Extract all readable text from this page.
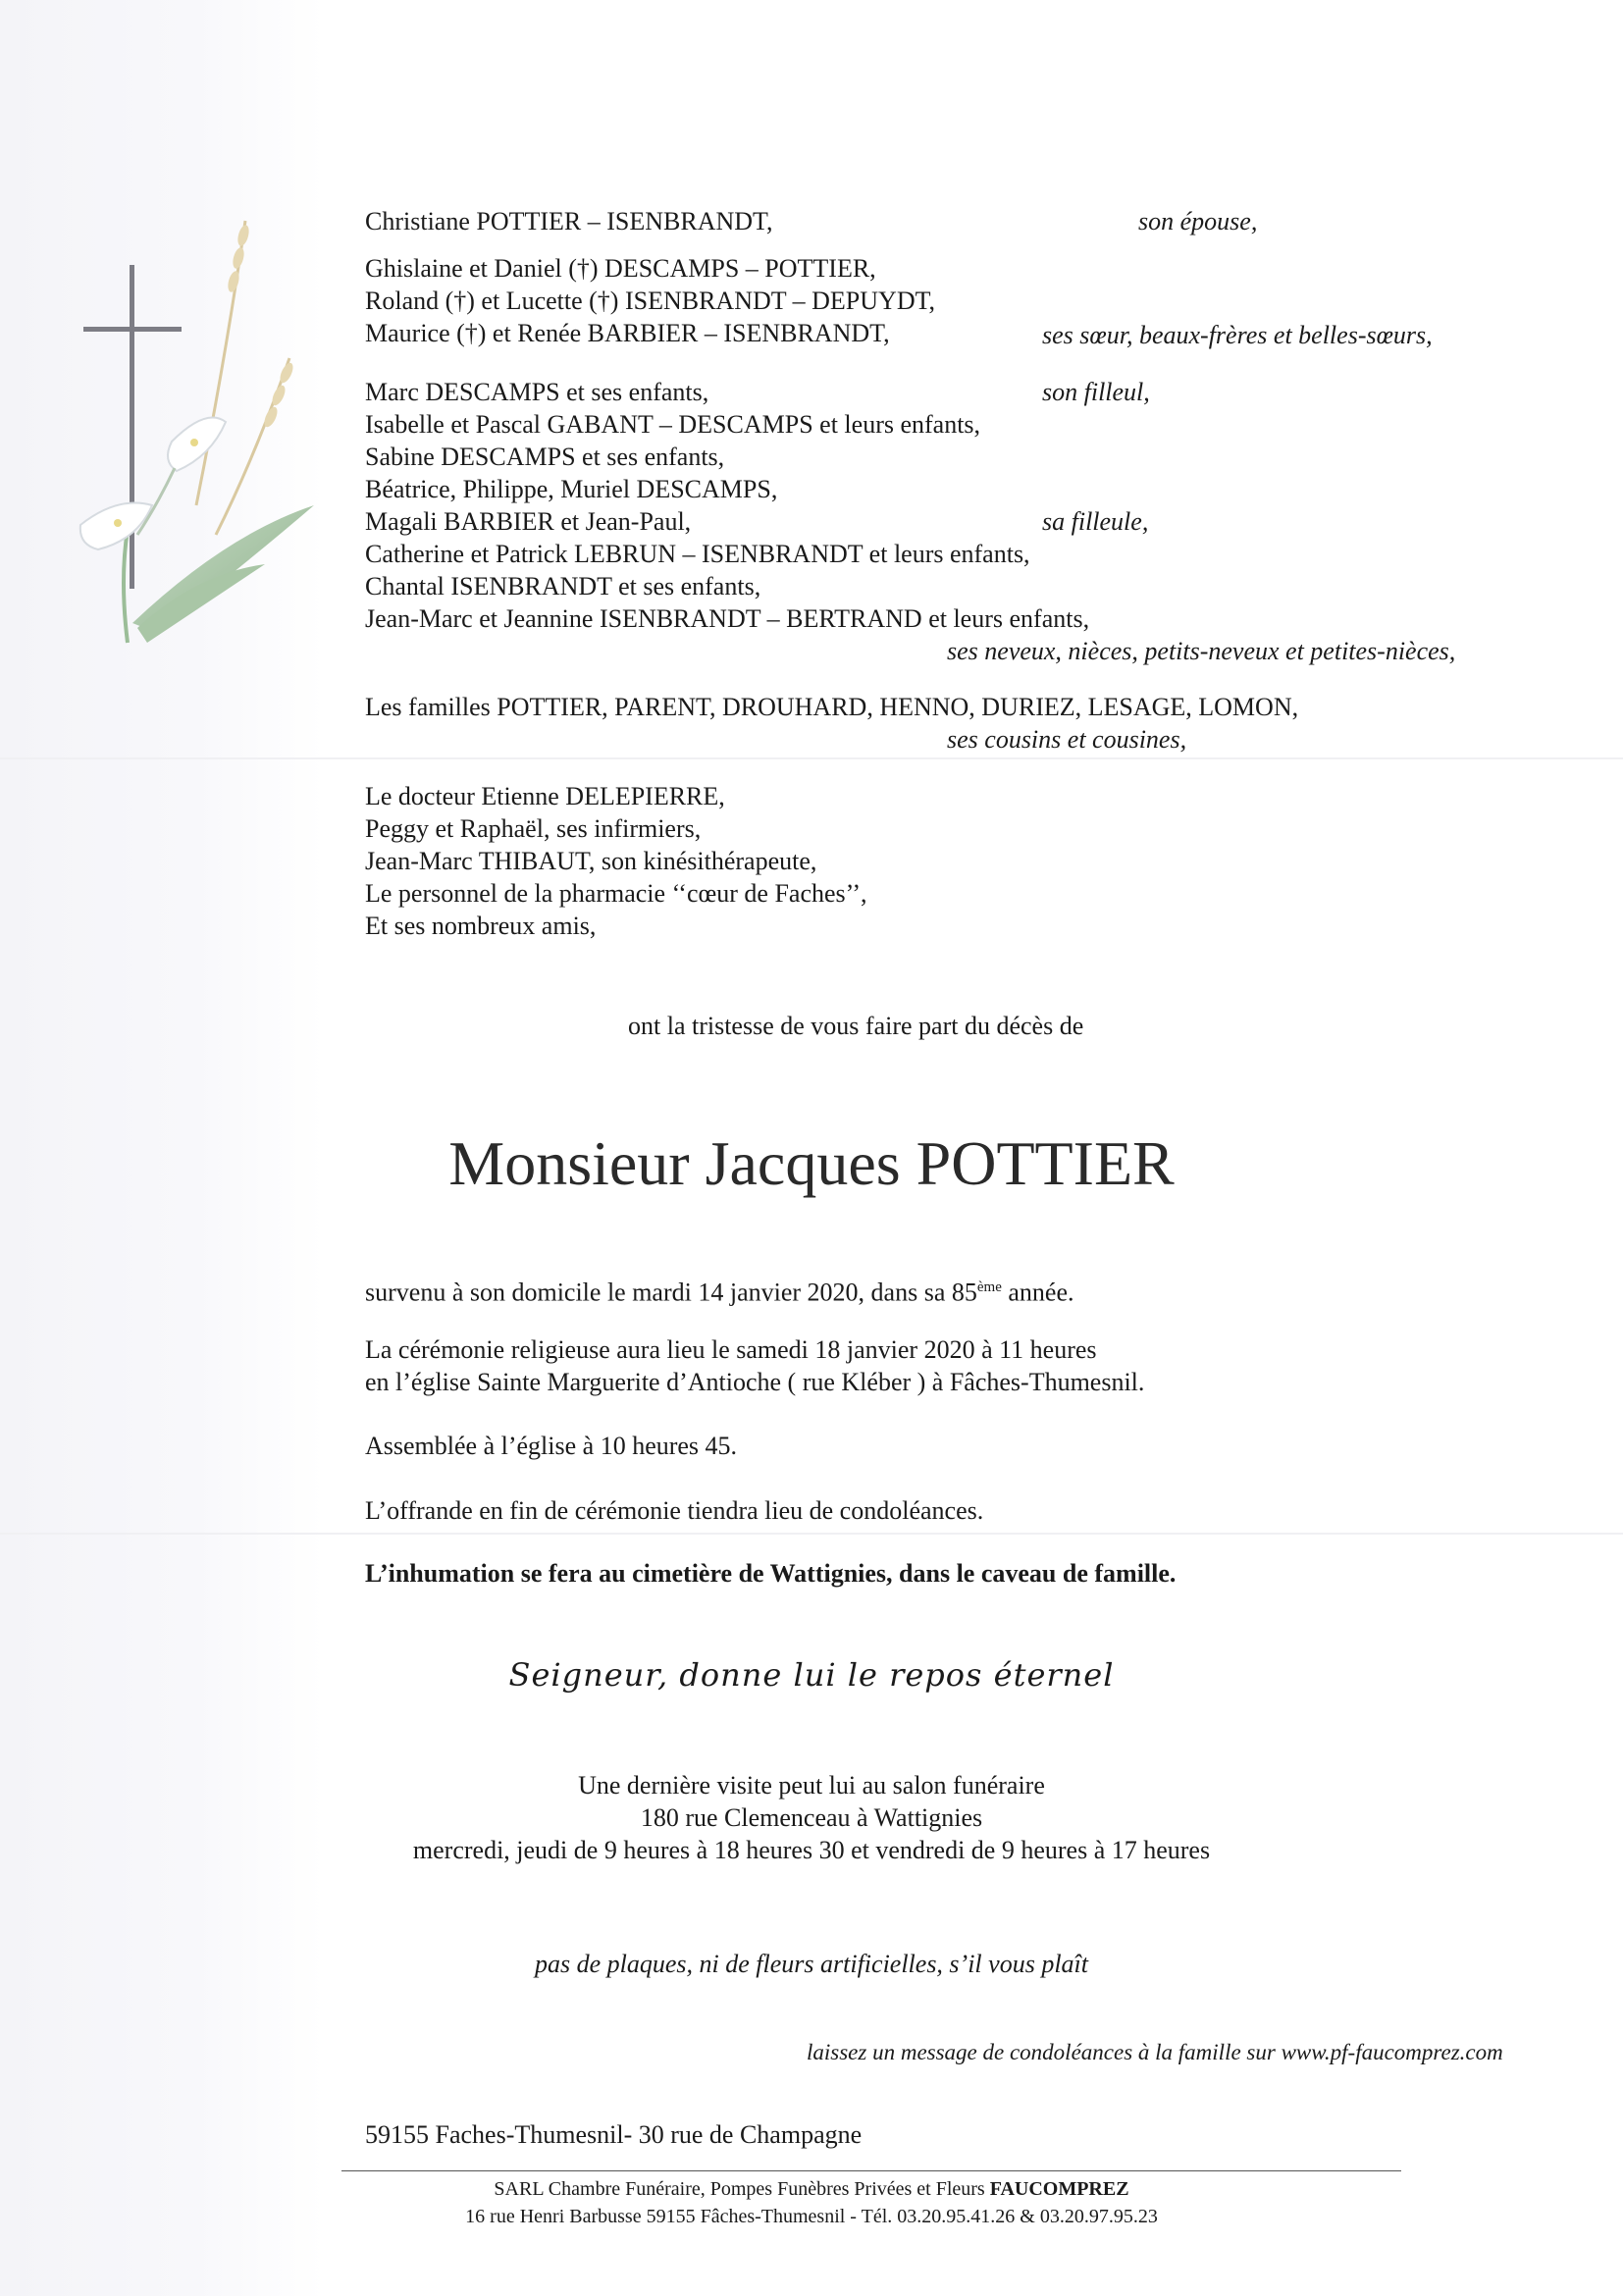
Christiane POTTIER – ISENBRANDT,	son épouse,
Ghislaine et Daniel (†) DESCAMPS – POTTIER,
Roland (†) et Lucette (†) ISENBRANDT – DEPUYDT,
Maurice (†) et Renée BARBIER – ISENBRANDT,	ses sœur, beaux-frères et belles-sœurs,
Marc DESCAMPS et ses enfants,	son filleul,
Isabelle et Pascal GABANT – DESCAMPS et leurs enfants,
Sabine DESCAMPS et ses enfants,
Béatrice, Philippe, Muriel DESCAMPS,
Magali BARBIER et Jean-Paul,	sa filleule,
Catherine et Patrick LEBRUN – ISENBRANDT et leurs enfants,
Chantal ISENBRANDT et ses enfants,
Jean-Marc et Jeannine ISENBRANDT – BERTRAND et leurs enfants,
ses neveux, nièces, petits-neveux et petites-nièces,
Les familles POTTIER, PARENT, DROUHARD, HENNO, DURIEZ, LESAGE, LOMON,
ses cousins et cousines,
Le docteur Etienne DELEPIERRE,
Peggy et Raphaël, ses infirmiers,
Jean-Marc THIBAUT, son kinésithérapeute,
Le personnel de la pharmacie ‘‘cœur de Faches’’,
Et ses nombreux amis,
ont la tristesse de vous faire part du décès de
Monsieur Jacques POTTIER
survenu à son domicile le mardi 14 janvier 2020, dans sa 85ème année.
La cérémonie religieuse aura lieu le samedi 18 janvier 2020 à 11 heures
en l’église Sainte Marguerite d’Antioche ( rue Kléber ) à Fâches-Thumesnil.
Assemblée à l’église à 10 heures 45.
L’offrande en fin de cérémonie tiendra lieu de condoléances.
L’inhumation se fera au cimetière de Wattignies, dans le caveau de famille.
Seigneur, donne lui le repos éternel
Une dernière visite peut lui au salon funéraire
180 rue Clemenceau à Wattignies
mercredi, jeudi de 9 heures à 18 heures 30 et vendredi de 9 heures à 17 heures
pas de plaques, ni de fleurs artificielles, s’il vous plaît
laissez un message de condoléances à la famille sur www.pf-faucomprez.com
59155 Faches-Thumesnil- 30 rue de Champagne
SARL Chambre Funéraire, Pompes Funèbres Privées et Fleurs FAUCOMPREZ
16 rue Henri Barbusse 59155 Fâches-Thumesnil - Tél. 03.20.95.41.26 & 03.20.97.95.23
